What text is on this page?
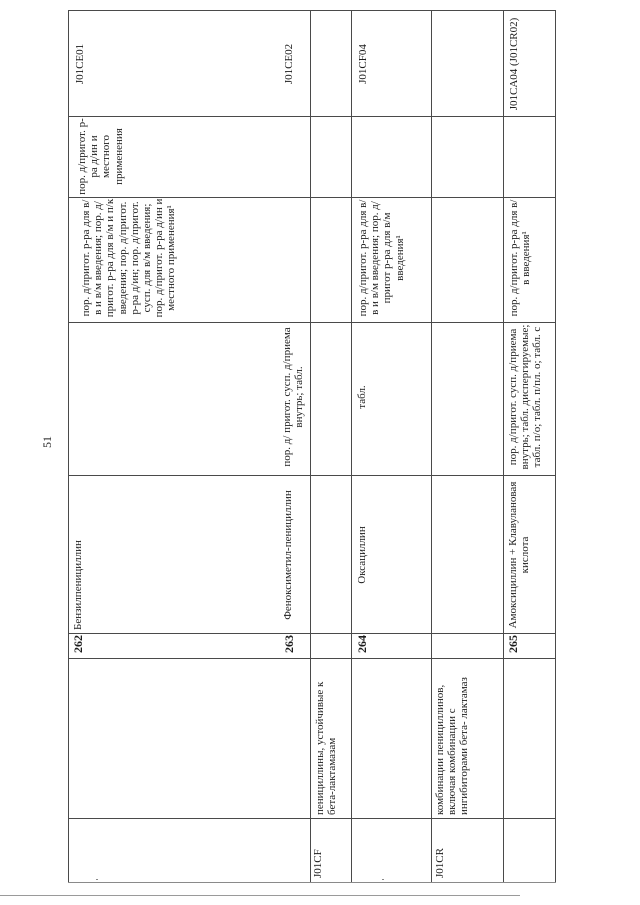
51
J01CE01
пор. д/пригот. р-ра д/ин и местного применения
пор. д/пригот. р-ра для в/в и в/м введения; пор. д/пригот. р-ра для в/м и п/к введения; пор. д/пригот. р-ра д/ин; пор. д/пригот. сусп. для в/м введения; пор. д/пригот. р-ра д/ин и местного применения¹
Бензилпенициллин
262
J01CE02
пор. д/ пригот. сусп. д/приема внутрь; табл.
Феноксиметил-пенициллин
263
пенициллины, устойчивые к бета-лактамазам
J01CF
J01CF04
пор. д/пригот. р-ра для в/в и в/м введения; пор. д/пригот р-ра для в/м введения¹
табл.
Оксациллин
264
комбинации пенициллинов, включая комбинации с ингибиторами бета- лактамаз
J01CR
J01CA04 (J01CR02)
пор. д/пригот. р-ра для в/в введения¹
пор. д/пригот. сусп. д/приема внутрь; табл. диспергируемые; табл. п/о; табл. п/пл. о; табл. с
Амоксициллин + Клавулановая кислота
265
